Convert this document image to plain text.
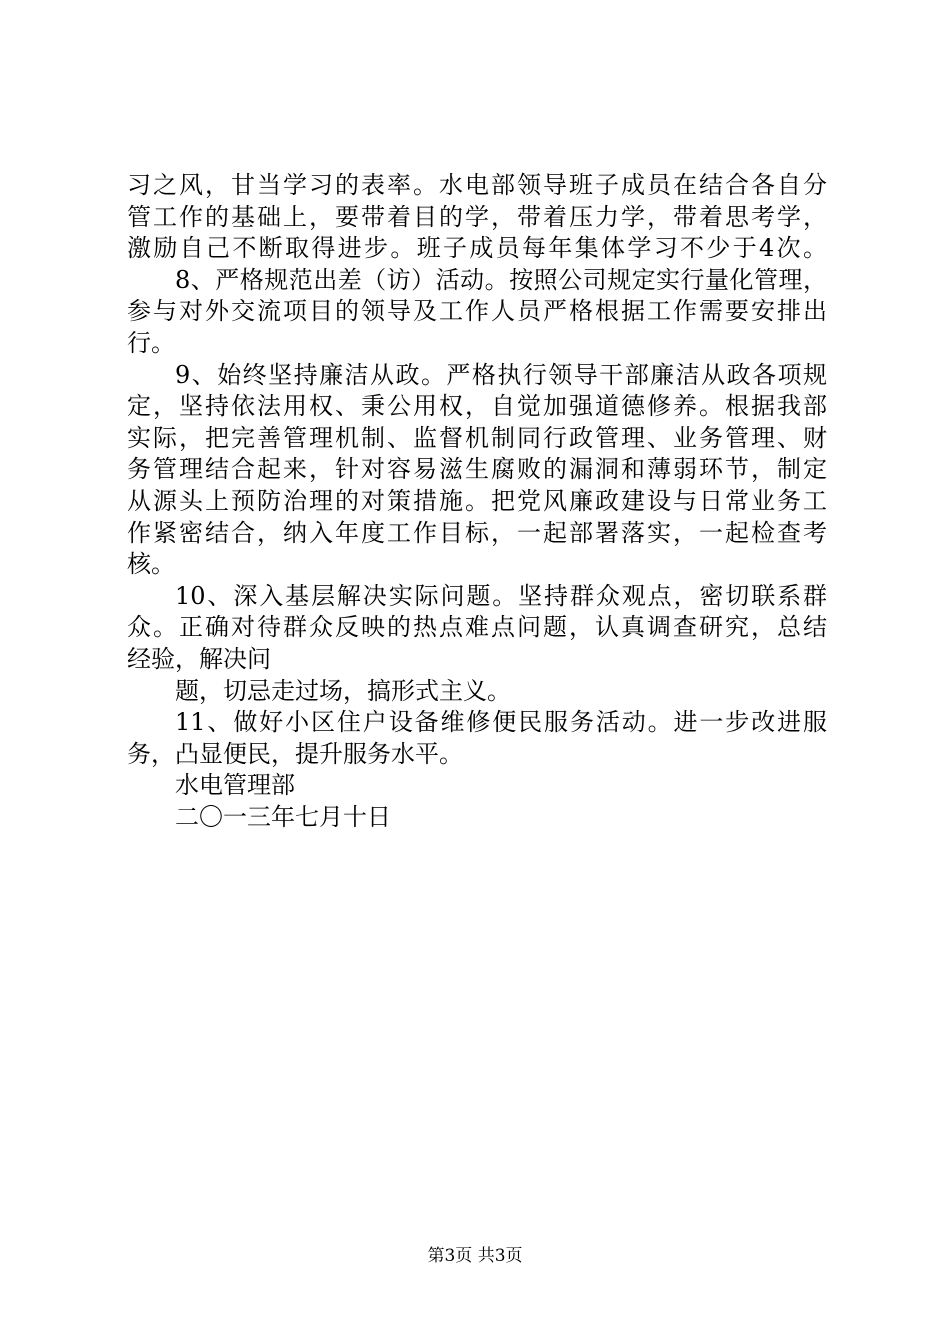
习之风，甘当学习的表率。水电部领导班子成员在结合各自分
管工作的基础上，要带着目的学，带着压力学，带着思考学，
激励自己不断取得进步。班子成员每年集体学习不少于4次。
8、严格规范出差（访）活动。按照公司规定实行量化管理，
参与对外交流项目的领导及工作人员严格根据工作需要安排出
行。
9、始终坚持廉洁从政。严格执行领导干部廉洁从政各项规
定，坚持依法用权、秉公用权，自觉加强道德修养。根据我部
实际，把完善管理机制、监督机制同行政管理、业务管理、财
务管理结合起来，针对容易滋生腐败的漏洞和薄弱环节，制定
从源头上预防治理的对策措施。把党风廉政建设与日常业务工
作紧密结合，纳入年度工作目标，一起部署落实，一起检查考
核。
10、深入基层解决实际问题。坚持群众观点，密切联系群
众。正确对待群众反映的热点难点问题，认真调查研究，总结
经验，解决问
题，切忌走过场，搞形式主义。
11、做好小区住户设备维修便民服务活动。进一步改进服
务，凸显便民，提升服务水平。
水电管理部
二〇一三年七月十日
第3页 共3页
